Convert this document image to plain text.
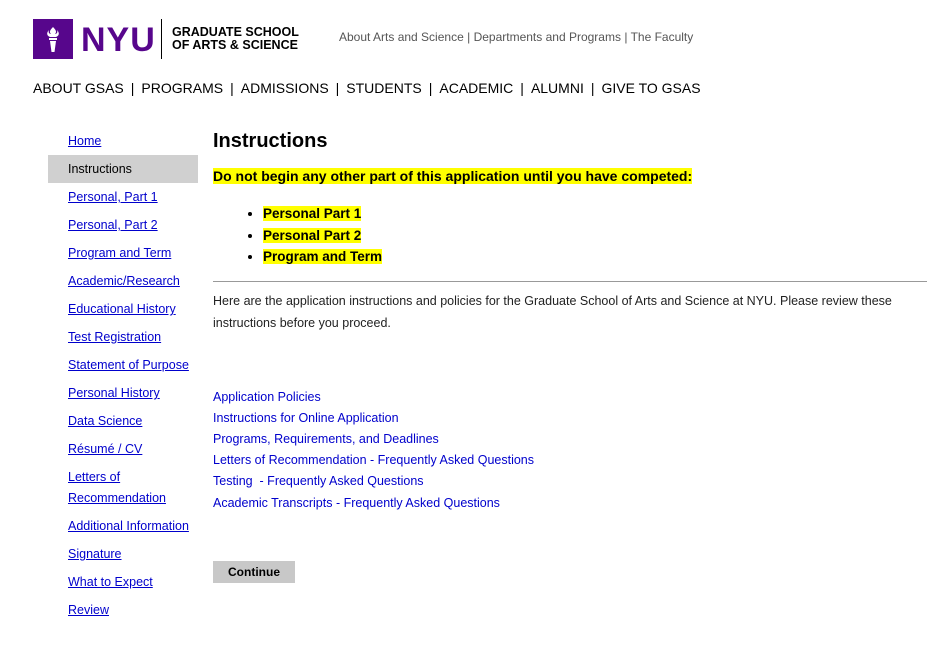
NYU GRADUATE SCHOOL
OF ARTS & SCIENCE
About Arts and Science | Departments and Programs | The Faculty
ABOUT GSAS | PROGRAMS | ADMISSIONS | STUDENTS | ACADEMIC | ALUMNI | GIVE TO GSAS
Home
Instructions
Personal, Part 1
Personal, Part 2
Program and Term
Academic/Research
Educational History
Test Registration
Statement of Purpose
Personal History
Data Science
Résumé / CV
Letters of Recommendation
Additional Information
Signature
What to Expect
Review
Instructions
Do not begin any other part of this application until you have competed:
• Personal Part 1
• Personal Part 2
• Program and Term
Here are the application instructions and policies for the Graduate School of Arts and Science at NYU. Please review these instructions before you proceed.
Application Policies
Instructions for Online Application
Programs, Requirements, and Deadlines
Letters of Recommendation - Frequently Asked Questions
Testing  - Frequently Asked Questions
Academic Transcripts - Frequently Asked Questions
Continue
